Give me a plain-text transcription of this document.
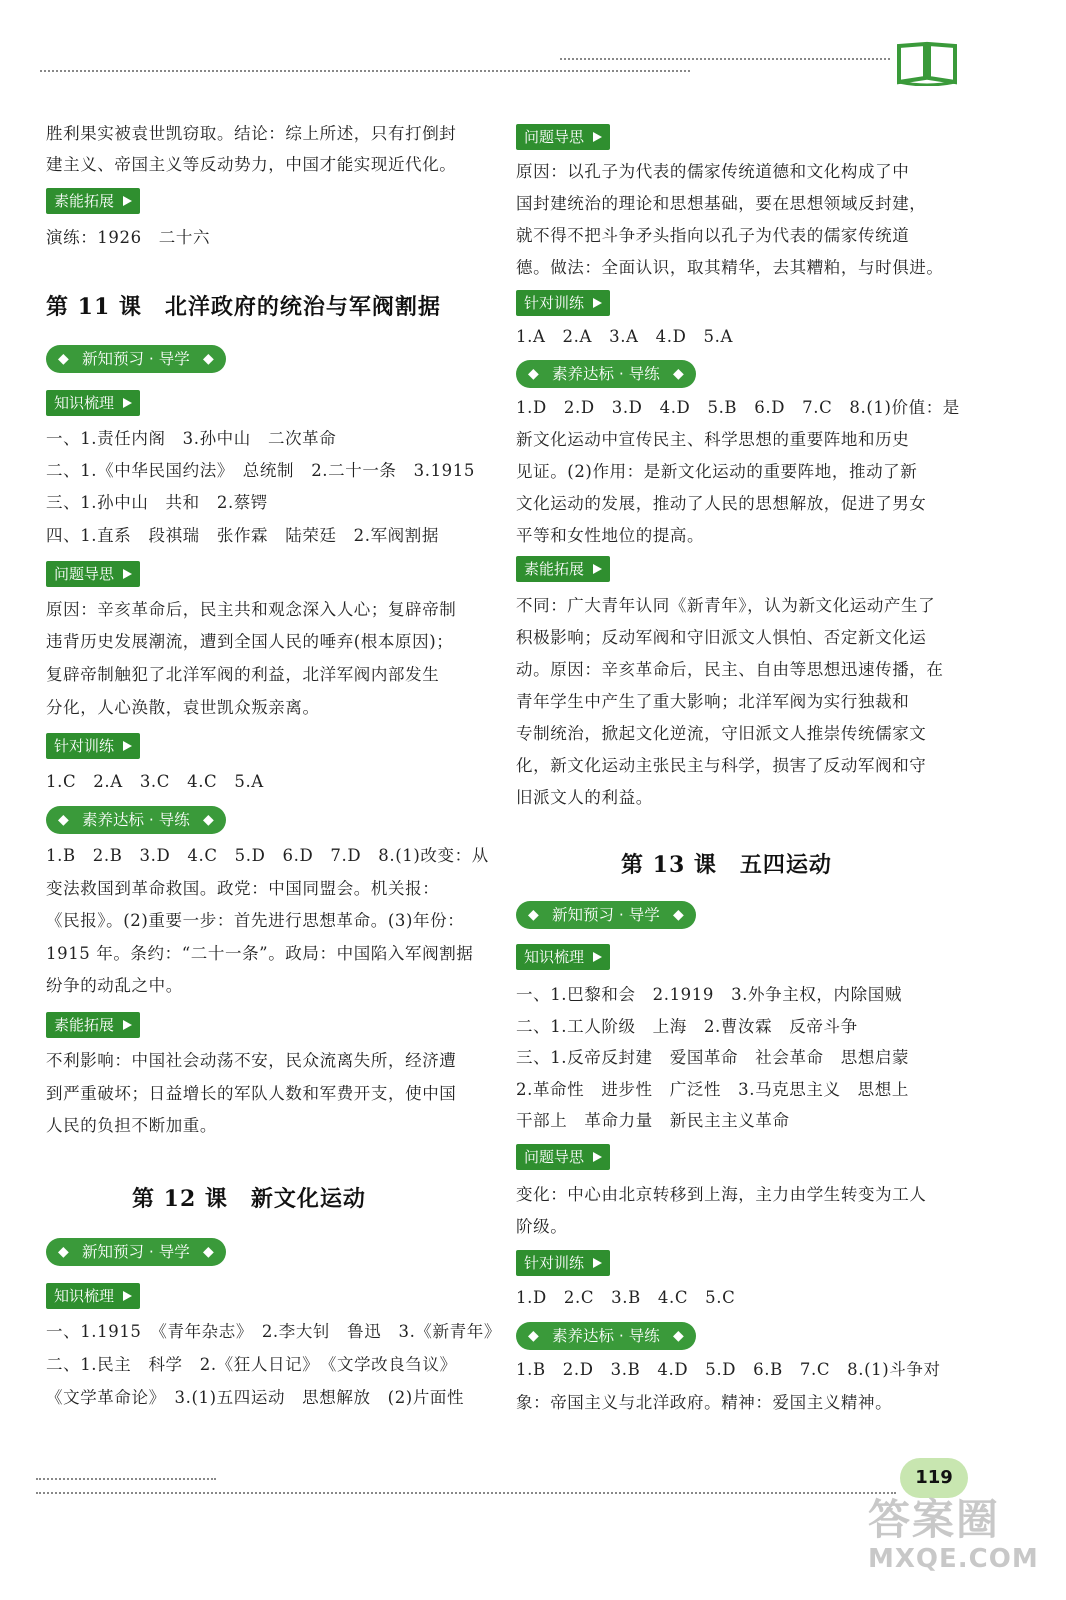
胜利果实被袁世凯窃取。结论：综上所述，只有打倒封
建主义、帝国主义等反动势力，中国才能实现近代化。
素能拓展
演练：1926　二十六
第 11 课　北洋政府的统治与军阀割据
◆ 新知预习 · 导学 ◆
知识梳理
一、1.责任内阁　3.孙中山　二次革命
二、1.《中华民国约法》　总统制　2.二十一条　3.1915
三、1.孙中山　共和　2.蔡锷
四、1.直系　段祺瑞　张作霖　陆荣廷　2.军阀割据
问题导思
原因：辛亥革命后，民主共和观念深入人心；复辟帝制
违背历史发展潮流，遭到全国人民的唾弃(根本原因)；
复辟帝制触犯了北洋军阀的利益，北洋军阀内部发生
分化，人心涣散，袁世凯众叛亲离。
针对训练
1.C　2.A　3.C　4.C　5.A
◆ 素养达标 · 导练 ◆
1.B　2.B　3.D　4.C　5.D　6.D　7.D　8.(1)改变：从
变法救国到革命救国。政党：中国同盟会。机关报：
《民报》。(2)重要一步：首先进行思想革命。(3)年份：
1915 年。条约：“二十一条”。政局：中国陷入军阀割据
纷争的动乱之中。
素能拓展
不利影响：中国社会动荡不安，民众流离失所，经济遭
到严重破坏；日益增长的军队人数和军费开支，使中国
人民的负担不断加重。
第 12 课　新文化运动
◆ 新知预习 · 导学 ◆
知识梳理
一、1.1915　《青年杂志》　2.李大钊　鲁迅　3.《新青年》
二、1.民主　科学　2.《狂人日记》　《文学改良刍议》
《文学革命论》　3.(1)五四运动　思想解放　(2)片面性
问题导思
原因：以孔子为代表的儒家传统道德和文化构成了中
国封建统治的理论和思想基础，要在思想领域反封建，
就不得不把斗争矛头指向以孔子为代表的儒家传统道
德。做法：全面认识，取其精华，去其糟粕，与时俱进。
针对训练
1.A　2.A　3.A　4.D　5.A
◆ 素养达标 · 导练 ◆
1.D　2.D　3.D　4.D　5.B　6.D　7.C　8.(1)价值：是
新文化运动中宣传民主、科学思想的重要阵地和历史
见证。(2)作用：是新文化运动的重要阵地，推动了新
文化运动的发展，推动了人民的思想解放，促进了男女
平等和女性地位的提高。
素能拓展
不同：广大青年认同《新青年》，认为新文化运动产生了
积极影响；反动军阀和守旧派文人惧怕、否定新文化运
动。原因：辛亥革命后，民主、自由等思想迅速传播，在
青年学生中产生了重大影响；北洋军阀为实行独裁和
专制统治，掀起文化逆流，守旧派文人推崇传统儒家文
化，新文化运动主张民主与科学，损害了反动军阀和守
旧派文人的利益。
第 13 课　五四运动
◆ 新知预习 · 导学 ◆
知识梳理
一、1.巴黎和会　2.1919　3.外争主权，内除国贼
二、1.工人阶级　上海　2.曹汝霖　反帝斗争
三、1.反帝反封建　爱国革命　社会革命　思想启蒙
2.革命性　进步性　广泛性　3.马克思主义　思想上
干部上　革命力量　新民主主义革命
问题导思
变化：中心由北京转移到上海，主力由学生转变为工人
阶级。
针对训练
1.D　2.C　3.B　4.C　5.C
◆ 素养达标 · 导练 ◆
1.B　2.D　3.B　4.D　5.D　6.B　7.C　8.(1)斗争对
象：帝国主义与北洋政府。精神：爱国主义精神。
119
答案圈
MXQE.COM
